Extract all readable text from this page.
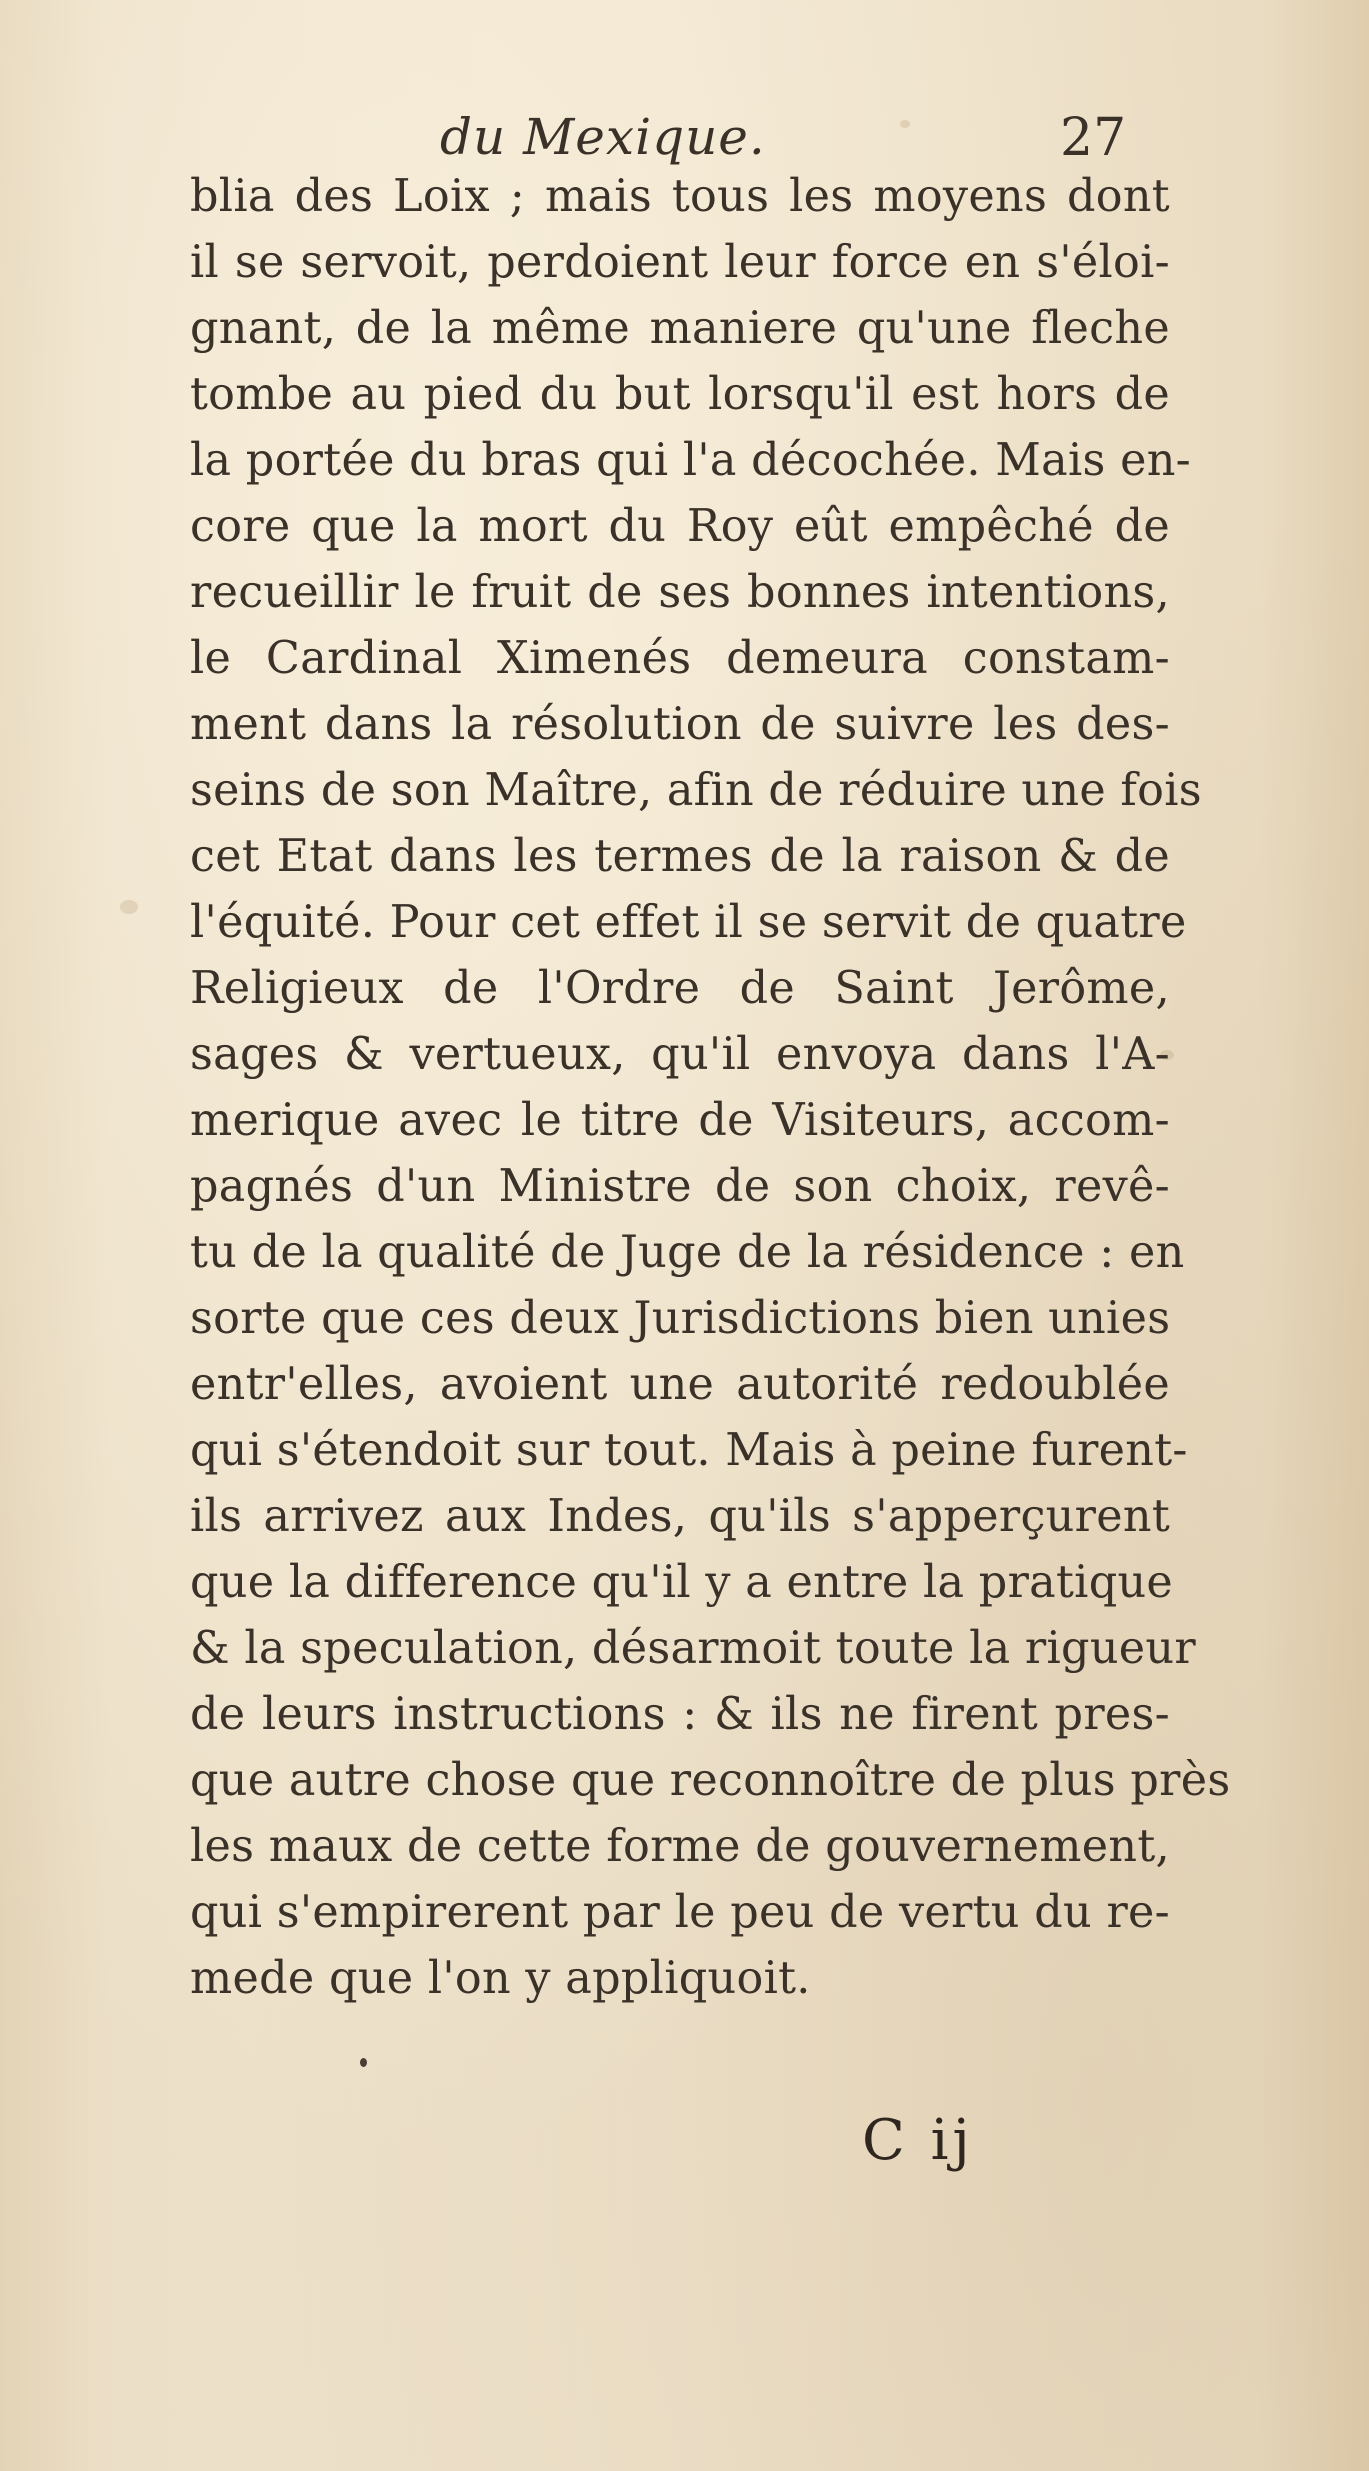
du Mexique.	27
blia des Loix ; mais tous les moyens dont
il se servoit, perdoient leur force en s'éloi-
gnant, de la même maniere qu'une fleche
tombe au pied du but lorsqu'il est hors de
la portée du bras qui l'a décochée. Mais en-
core que la mort du Roy eût empêché de
recueillir le fruit de ses bonnes intentions,
le Cardinal Ximenés demeura constam-
ment dans la résolution de suivre les des-
seins de son Maître, afin de réduire une fois
cet Etat dans les termes de la raison & de
l'équité. Pour cet effet il se servit de quatre
Religieux de l'Ordre de Saint Jerôme,
sages & vertueux, qu'il envoya dans l'A-
merique avec le titre de Visiteurs, accom-
pagnés d'un Ministre de son choix, revê-
tu de la qualité de Juge de la résidence : en
sorte que ces deux Jurisdictions bien unies
entr'elles, avoient une autorité redoublée
qui s'étendoit sur tout. Mais à peine furent-
ils arrivez aux Indes, qu'ils s'apperçurent
que la difference qu'il y a entre la pratique
& la speculation, désarmoit toute la rigueur
de leurs instructions : & ils ne firent pres-
que autre chose que reconnoître de plus près
les maux de cette forme de gouvernement,
qui s'empirerent par le peu de vertu du re-
mede que l'on y appliquoit.
C ij
